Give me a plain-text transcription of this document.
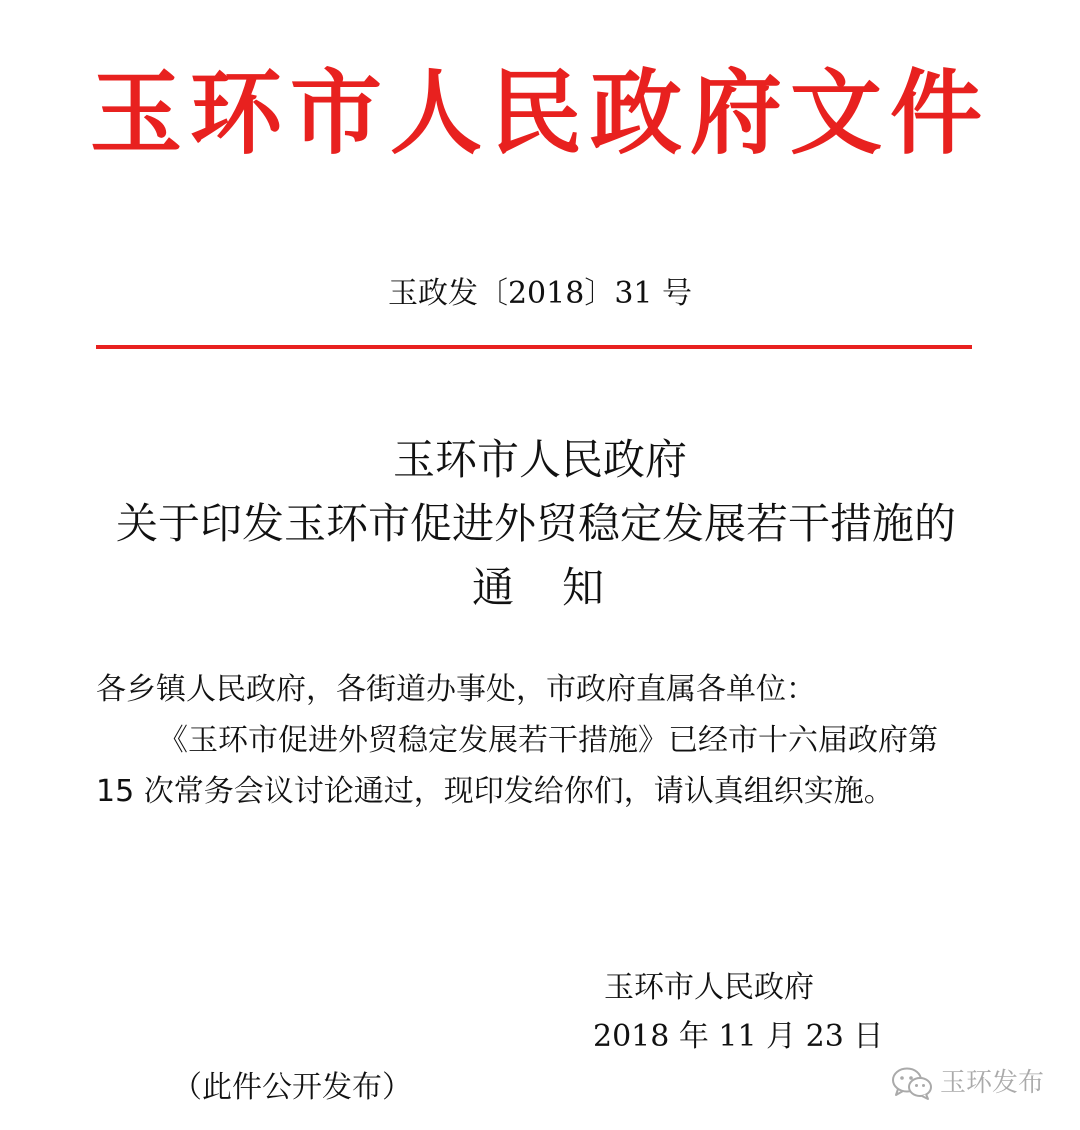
玉环市人民政府文件
玉政发〔2018〕31 号
玉环市人民政府
关于印发玉环市促进外贸稳定发展若干措施的
通知
各乡镇人民政府，各街道办事处，市政府直属各单位：
《玉环市促进外贸稳定发展若干措施》已经市十六届政府第
15 次常务会议讨论通过，现印发给你们，请认真组织实施。
玉环市人民政府
2018 年 11 月 23 日
（此件公开发布）	玉环发布
